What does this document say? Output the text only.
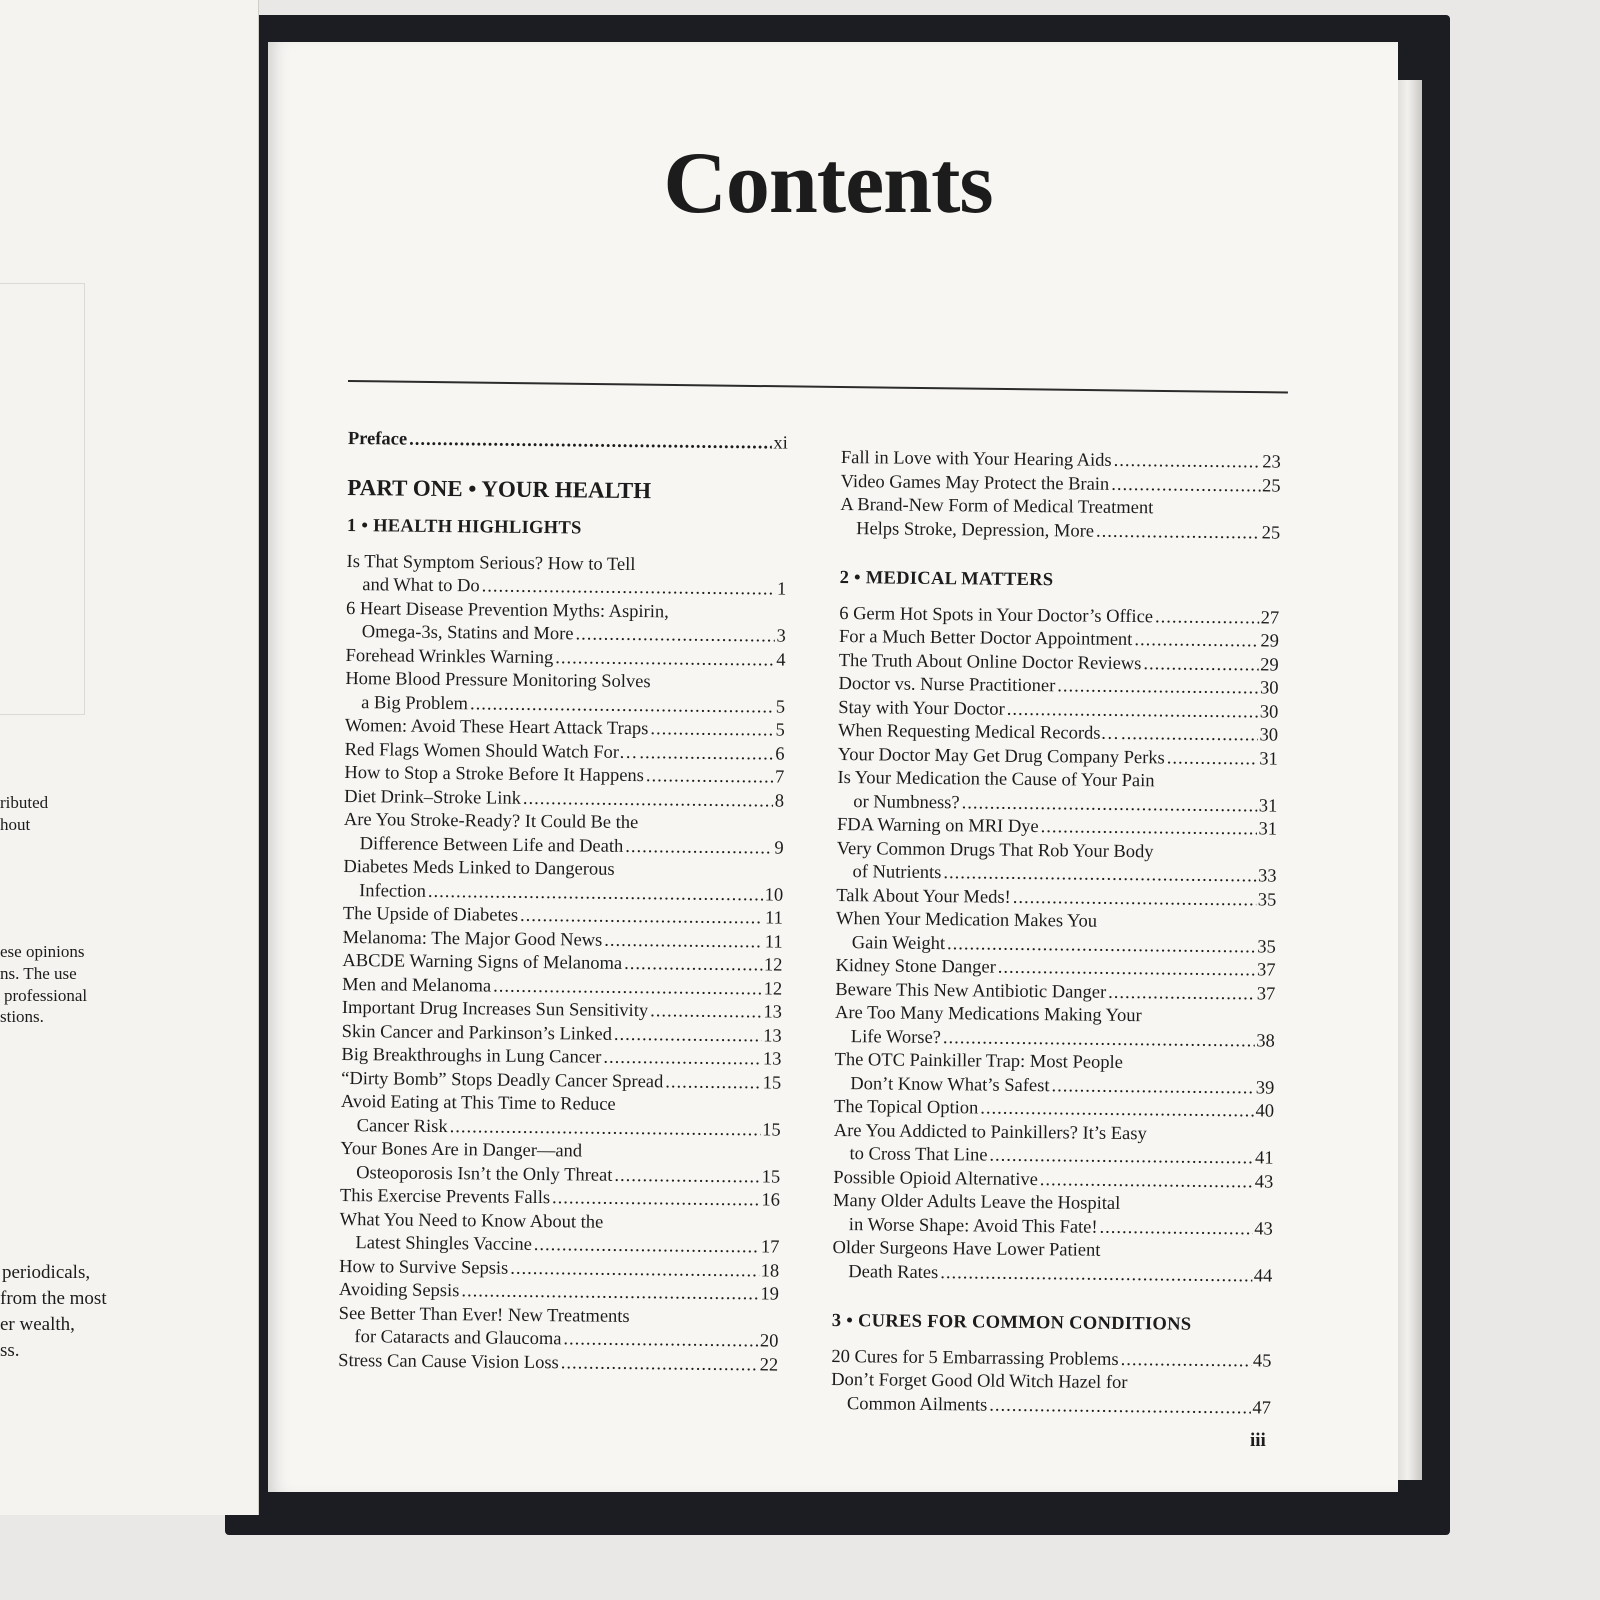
ributed
hout
ese opinions
ns. The use
professional
stions.
periodicals,
from the most
er wealth,
ss.
Contents
Preface .....	xi
PART ONE • YOUR HEALTH
1 • HEALTH HIGHLIGHTS
Is That Symptom Serious? How to Tell
and What to Do .....	1
6 Heart Disease Prevention Myths: Aspirin,
Omega-3s, Statins and More .....	3
Forehead Wrinkles Warning .....	4
Home Blood Pressure Monitoring Solves
a Big Problem .....	5
Women: Avoid These Heart Attack Traps .....	5
Red Flags Women Should Watch For… .....	6
How to Stop a Stroke Before It Happens .....	7
Diet Drink–Stroke Link .....	8
Are You Stroke-Ready? It Could Be the
Difference Between Life and Death .....	9
Diabetes Meds Linked to Dangerous
Infection .....	10
The Upside of Diabetes .....	11
Melanoma: The Major Good News .....	11
ABCDE Warning Signs of Melanoma .....	12
Men and Melanoma .....	12
Important Drug Increases Sun Sensitivity .....	13
Skin Cancer and Parkinson’s Linked .....	13
Big Breakthroughs in Lung Cancer .....	13
“Dirty Bomb” Stops Deadly Cancer Spread .....	15
Avoid Eating at This Time to Reduce
Cancer Risk .....	15
Your Bones Are in Danger—and
Osteoporosis Isn’t the Only Threat .....	15
This Exercise Prevents Falls .....	16
What You Need to Know About the
Latest Shingles Vaccine .....	17
How to Survive Sepsis .....	18
Avoiding Sepsis .....	19
See Better Than Ever! New Treatments
for Cataracts and Glaucoma .....	20
Stress Can Cause Vision Loss .....	22
Fall in Love with Your Hearing Aids .....	23
Video Games May Protect the Brain .....	25
A Brand-New Form of Medical Treatment
Helps Stroke, Depression, More .....	25
2 • MEDICAL MATTERS
6 Germ Hot Spots in Your Doctor’s Office .....	27
For a Much Better Doctor Appointment .....	29
The Truth About Online Doctor Reviews .....	29
Doctor vs. Nurse Practitioner .....	30
Stay with Your Doctor .....	30
When Requesting Medical Records… .....	30
Your Doctor May Get Drug Company Perks .....	31
Is Your Medication the Cause of Your Pain
or Numbness? .....	31
FDA Warning on MRI Dye .....	31
Very Common Drugs That Rob Your Body
of Nutrients .....	33
Talk About Your Meds! .....	35
When Your Medication Makes You
Gain Weight .....	35
Kidney Stone Danger .....	37
Beware This New Antibiotic Danger .....	37
Are Too Many Medications Making Your
Life Worse? .....	38
The OTC Painkiller Trap: Most People
Don’t Know What’s Safest .....	39
The Topical Option .....	40
Are You Addicted to Painkillers? It’s Easy
to Cross That Line .....	41
Possible Opioid Alternative .....	43
Many Older Adults Leave the Hospital
in Worse Shape: Avoid This Fate! .....	43
Older Surgeons Have Lower Patient
Death Rates .....	44
3 • CURES FOR COMMON CONDITIONS
20 Cures for 5 Embarrassing Problems .....	45
Don’t Forget Good Old Witch Hazel for
Common Ailments .....	47
iii
